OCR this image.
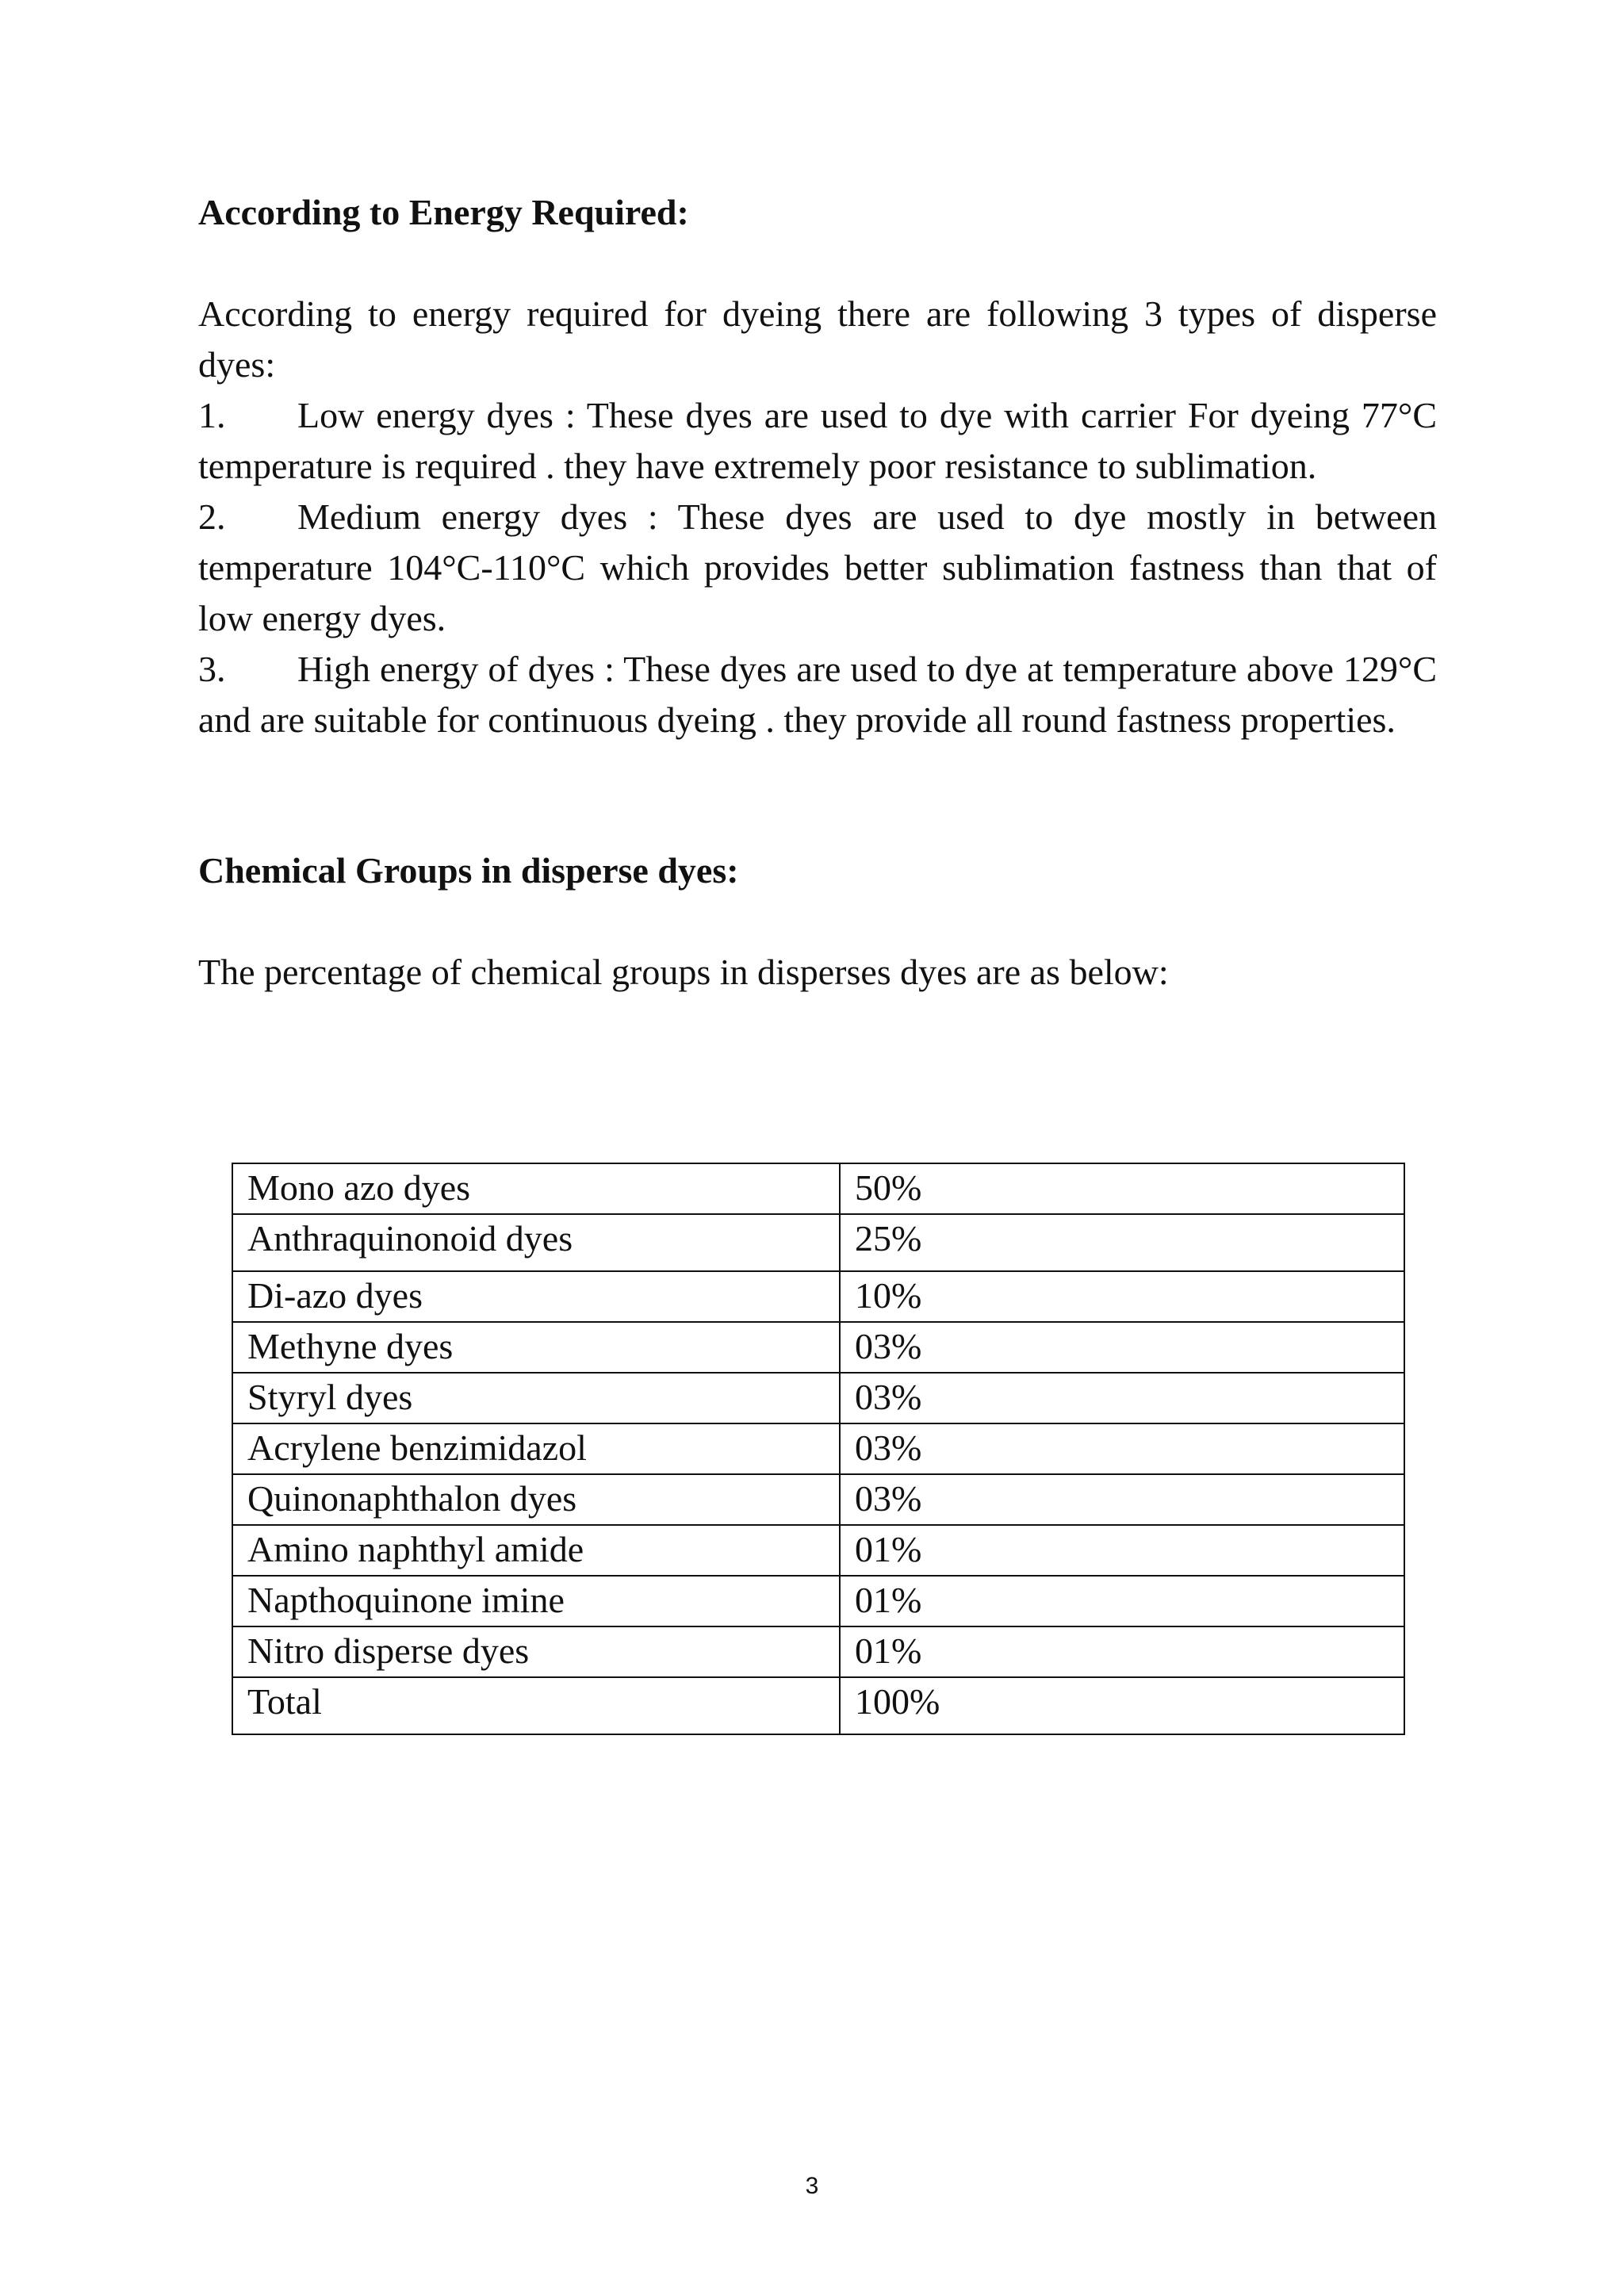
According to Energy Required:

According to energy required for dyeing there are following 3 types of disperse dyes:

1. Low energy dyes : These dyes are used to dye with carrier For dyeing 77°C temperature is required . they have extremely poor resistance to sublimation.
2. Medium energy dyes : These dyes are used to dye mostly in between temperature 104°C-110°C which provides better sublimation fastness than that of low energy dyes.
3. High energy of dyes : These dyes are used to dye at temperature above 129°C and are suitable for continuous dyeing . they provide all round fastness properties.
Chemical Groups in disperse dyes:

The percentage of chemical groups in disperses dyes are as below:

Mono azo dyes	50%
Anthraquinonoid dyes	25%
Di-azo dyes	10%
Methyne dyes	03%
Styryl dyes	03%
Acrylene benzimidazol	03%
Quinonaphthalon dyes	03%
Amino naphthyl amide	01%
Napthoquinone imine	01%
Nitro disperse dyes	01%
Total	100%
3
